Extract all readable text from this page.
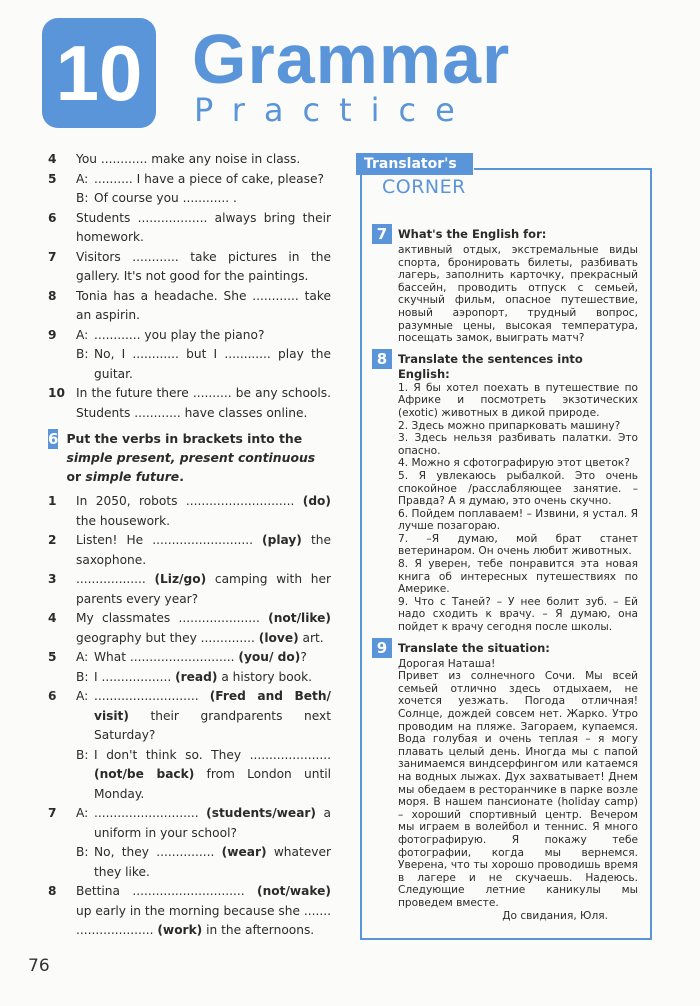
10 Grammar
Practice
4	You ............ make any noise in class.
5	A: .......... I have a piece of cake, please?
B: Of course you ............ .
6	Students .................. always bring their homework.
7	Visitors ............ take pictures in the gallery. It's not good for the paintings.
8	Tonia has a headache. She ............ take an aspirin.
9	A: ............ you play the piano?
B: No, I ............ but I ............ play the guitar.
10 In the future there .......... be any schools. Students ............ have classes online.
6 Put the verbs in brackets into the simple present, present continuous or simple future.
1	In 2050, robots ............................ (do) the housework.
2	Listen! He .......................... (play) the saxophone.
3	.................. (Liz/go) camping with her parents every year?
4	My classmates ..................... (not/like) geography but they .............. (love) art.
5	A: What ........................... (you/ do)?
B: I .................. (read) a history book.
6	A: ........................... (Fred and Beth/ visit) their grandparents next Saturday?
B: I don't think so. They ..................... (not/be back) from London until Monday.
7	A: ........................... (students/wear) a uniform in your school?
B: No, they ............... (wear) whatever they like.
8	Bettina ............................. (not/wake) up early in the morning because she ....... .................... (work) in the afternoons.
Translator's
CORNER
7 What's the English for:
активный отдых, экстремальные виды спорта, бронировать билеты, разбивать лагерь, заполнить карточку, прекрасный бассейн, проводить отпуск с семьей, скучный фильм, опасное путешествие, новый аэропорт, трудный вопрос, разумные цены, высокая температура, посещать замок, выиграть матч?
8 Translate the sentences into English:

1. Я бы хотел поехать в путешествие по Африке и посмотреть экзотических (exotic) животных в дикой природе.

2. Здесь можно припарковать машину?

3. Здесь нельзя разбивать палатки. Это опасно.

4. Можно я сфотографирую этот цветок?

5. Я увлекаюсь рыбалкой. Это очень спокойное /расслабляющее занятие. – Правда? А я думаю, это очень скучно.

6. Пойдем поплаваем! – Извини, я устал. Я лучше позагораю.

7. –Я думаю, мой брат станет ветеринаром. Он очень любит животных.

8. Я уверен, тебе понравится эта новая книга об интересных путешествиях по Америке.

9. Что с Таней? – У нее болит зуб. – Ей надо сходить к врачу. – Я думаю, она пойдет к врачу сегодня после школы.

9 Translate the situation:

Дорогая Наташа!

Привет из солнечного Сочи. Мы всей семьей отлично здесь отдыхаем, не хочется уезжать. Погода отличная! Солнце, дождей совсем нет. Жарко. Утро проводим на пляже. Загораем, купаемся. Вода голубая и очень теплая – я могу плавать целый день. Иногда мы с папой занимаемся виндсерфингом или катаемся на водных лыжах. Дух захватывает! Днем мы обедаем в ресторанчике в парке возле моря. В нашем пансионате (holiday camp) – хороший спортивный центр. Вечером мы играем в волейбол и теннис. Я много фотографирую. Я покажу тебе фотографии, когда мы вернемся. Уверена, что ты хорошо проводишь время в лагере и не скучаешь. Надеюсь. Следующие летние каникулы мы проведем вместе.

До свидания, Юля.

76
